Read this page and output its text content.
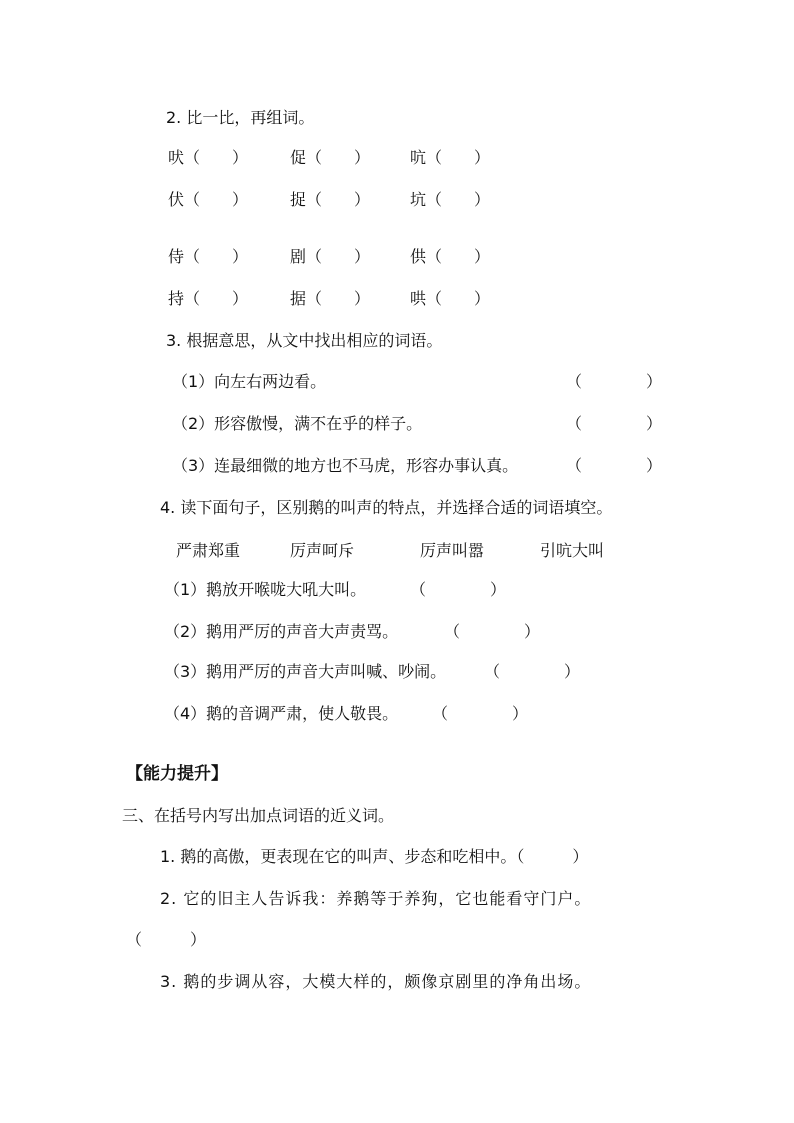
2. 比一比，再组词。
吠（　　）	促（　　） 吭（　　）
伏（　　）	捉（　　） 坑（　　）
侍（　　）	剧（　　） 供（　　）
持（　　）	据（　　） 哄（　　）
3. 根据意思，从文中找出相应的词语。
（1）向左右两边看。	（　　　　）
（2）形容傲慢，满不在乎的样子。	（　　　　）
（3）连最细微的地方也不马虎，形容办事认真。	（　　　　）
4. 读下面句子，区别鹅的叫声的特点，并选择合适的词语填空。
严肃郑重	厉声呵斥	厉声叫嚣	引吭大叫
（1）鹅放开喉咙大吼大叫。	（　　　　）
（2）鹅用严厉的声音大声责骂。	（　　　　）
（3）鹅用严厉的声音大声叫喊、吵闹。 （　　　　）
（4）鹅的音调严肃，使人敬畏。 （　　　　）
【能力提升】
三、在括号内写出加点词语的近义词。
1. 鹅的高傲，更表现在它的叫声、步态和吃相中。（　　　）
2. 它的旧主人告诉我：养鹅等于养狗，它也能看守门户。
（　　　）
3. 鹅的步调从容，大模大样的，颇像京剧里的净角出场。
